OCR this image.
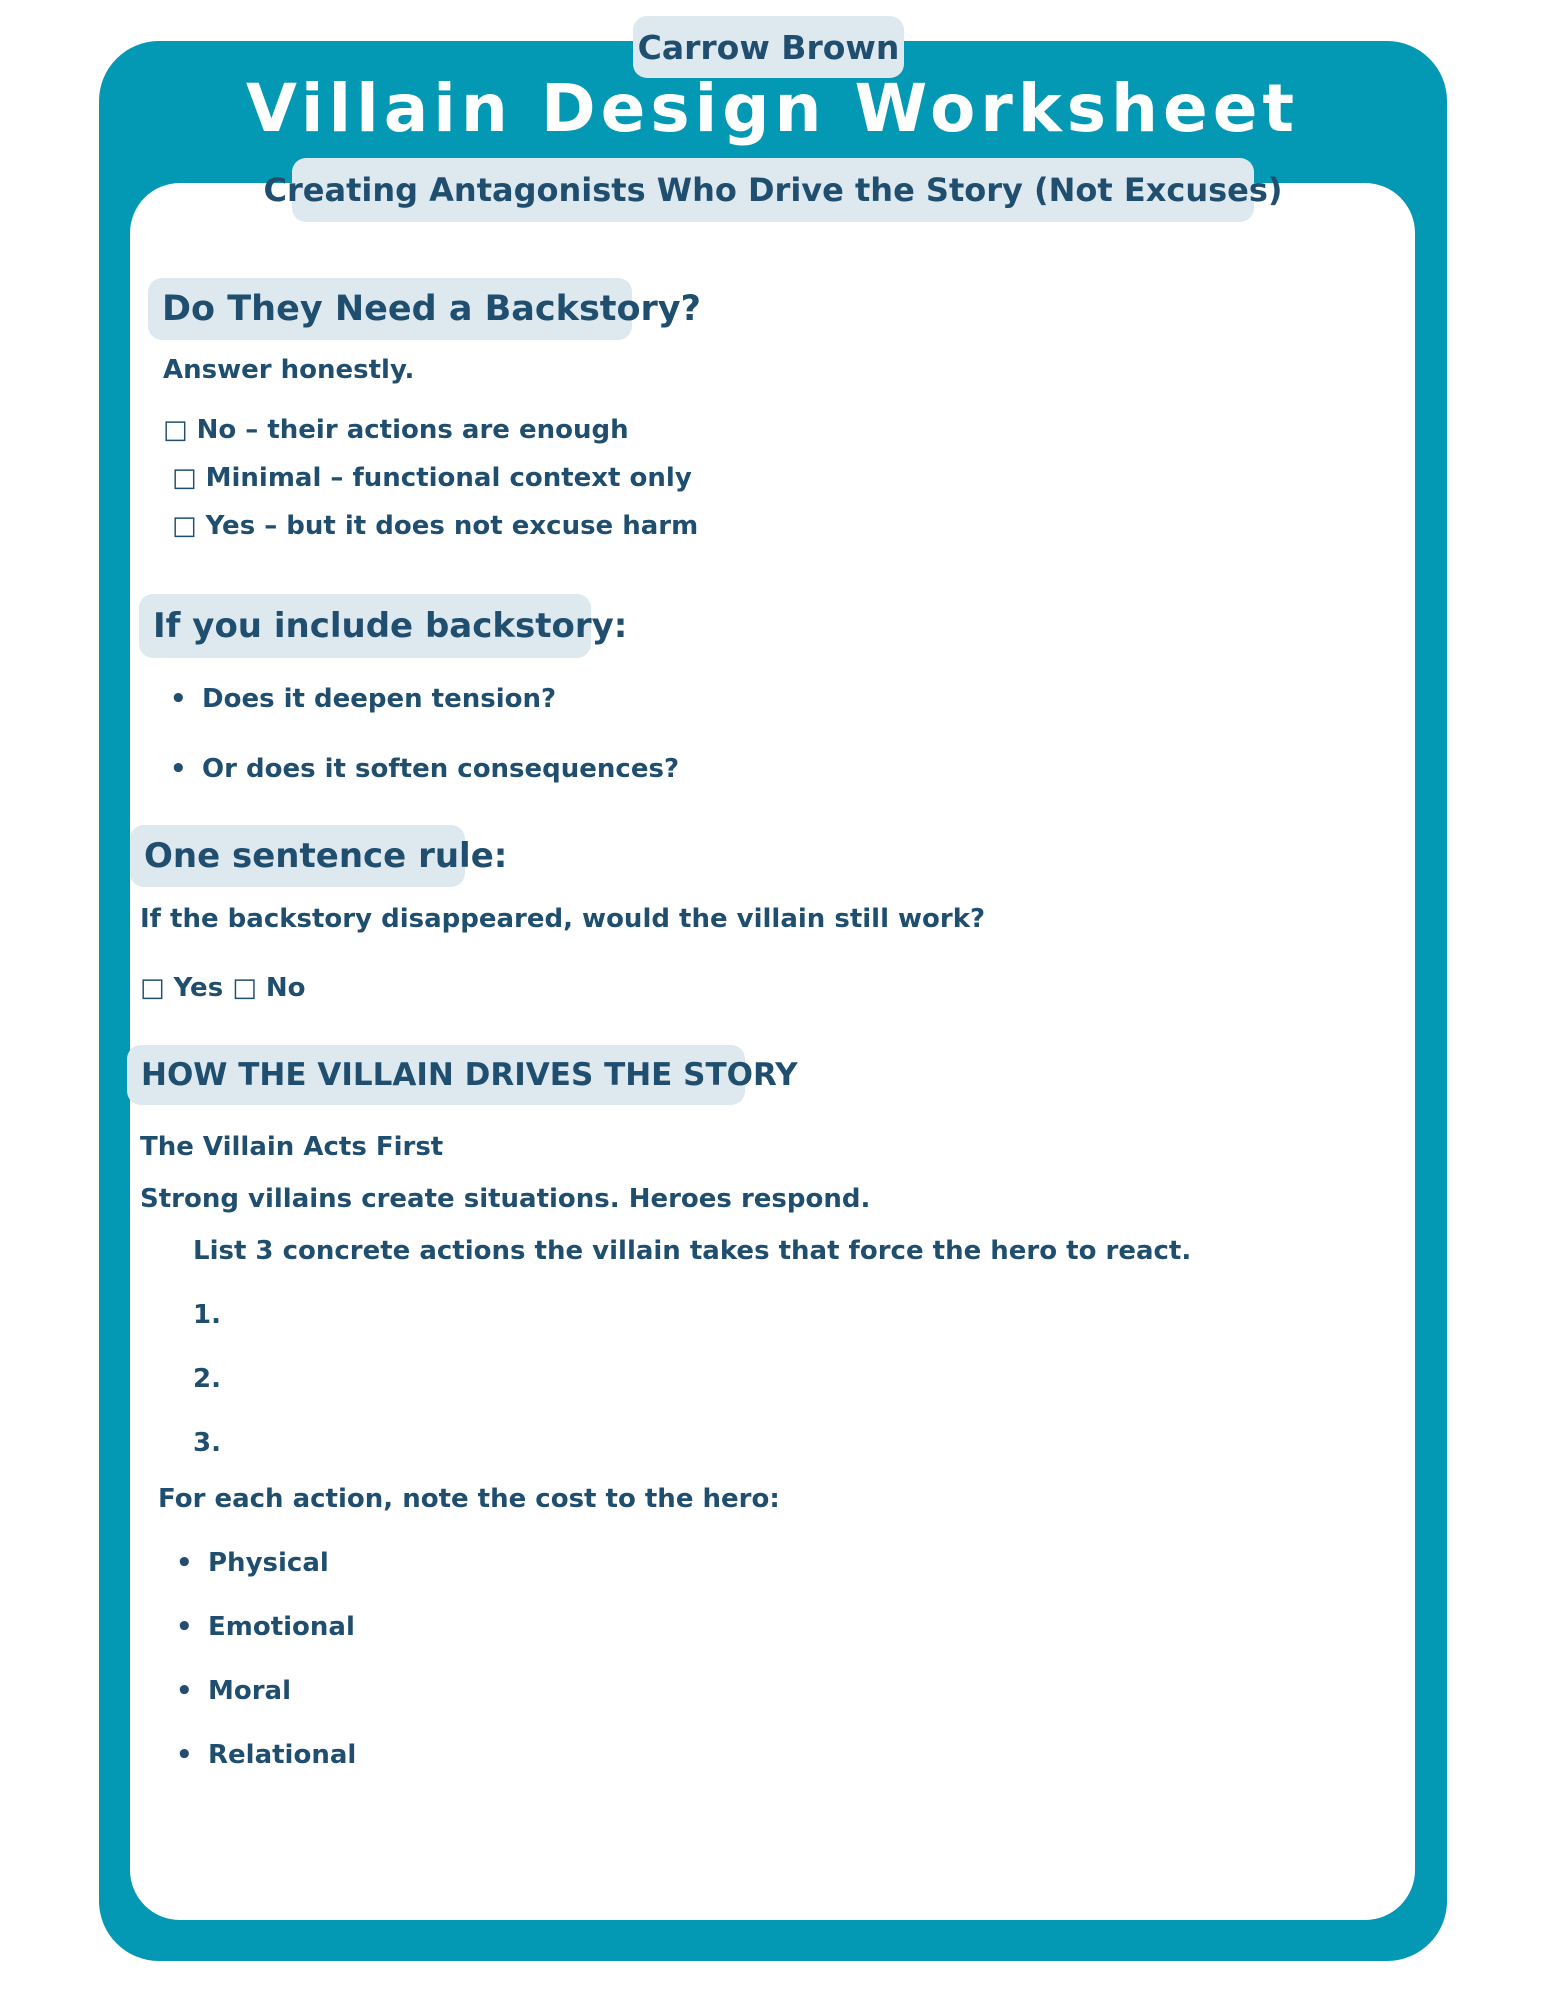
Carrow Brown
Villain Design Worksheet
Creating Antagonists Who Drive the Story (Not Excuses)
Do They Need a Backstory?
Answer honestly.
□ No – their actions are enough
□ Minimal – functional context only
□ Yes – but it does not excuse harm
If you include backstory:
• Does it deepen tension?
• Or does it soften consequences?
One sentence rule:
If the backstory disappeared, would the villain still work?
□ Yes □ No
HOW THE VILLAIN DRIVES THE STORY
The Villain Acts First
Strong villains create situations. Heroes respond.
List 3 concrete actions the villain takes that force the hero to react.
1.
2.
3.
For each action, note the cost to the hero:
• Physical
• Emotional
• Moral
• Relational
